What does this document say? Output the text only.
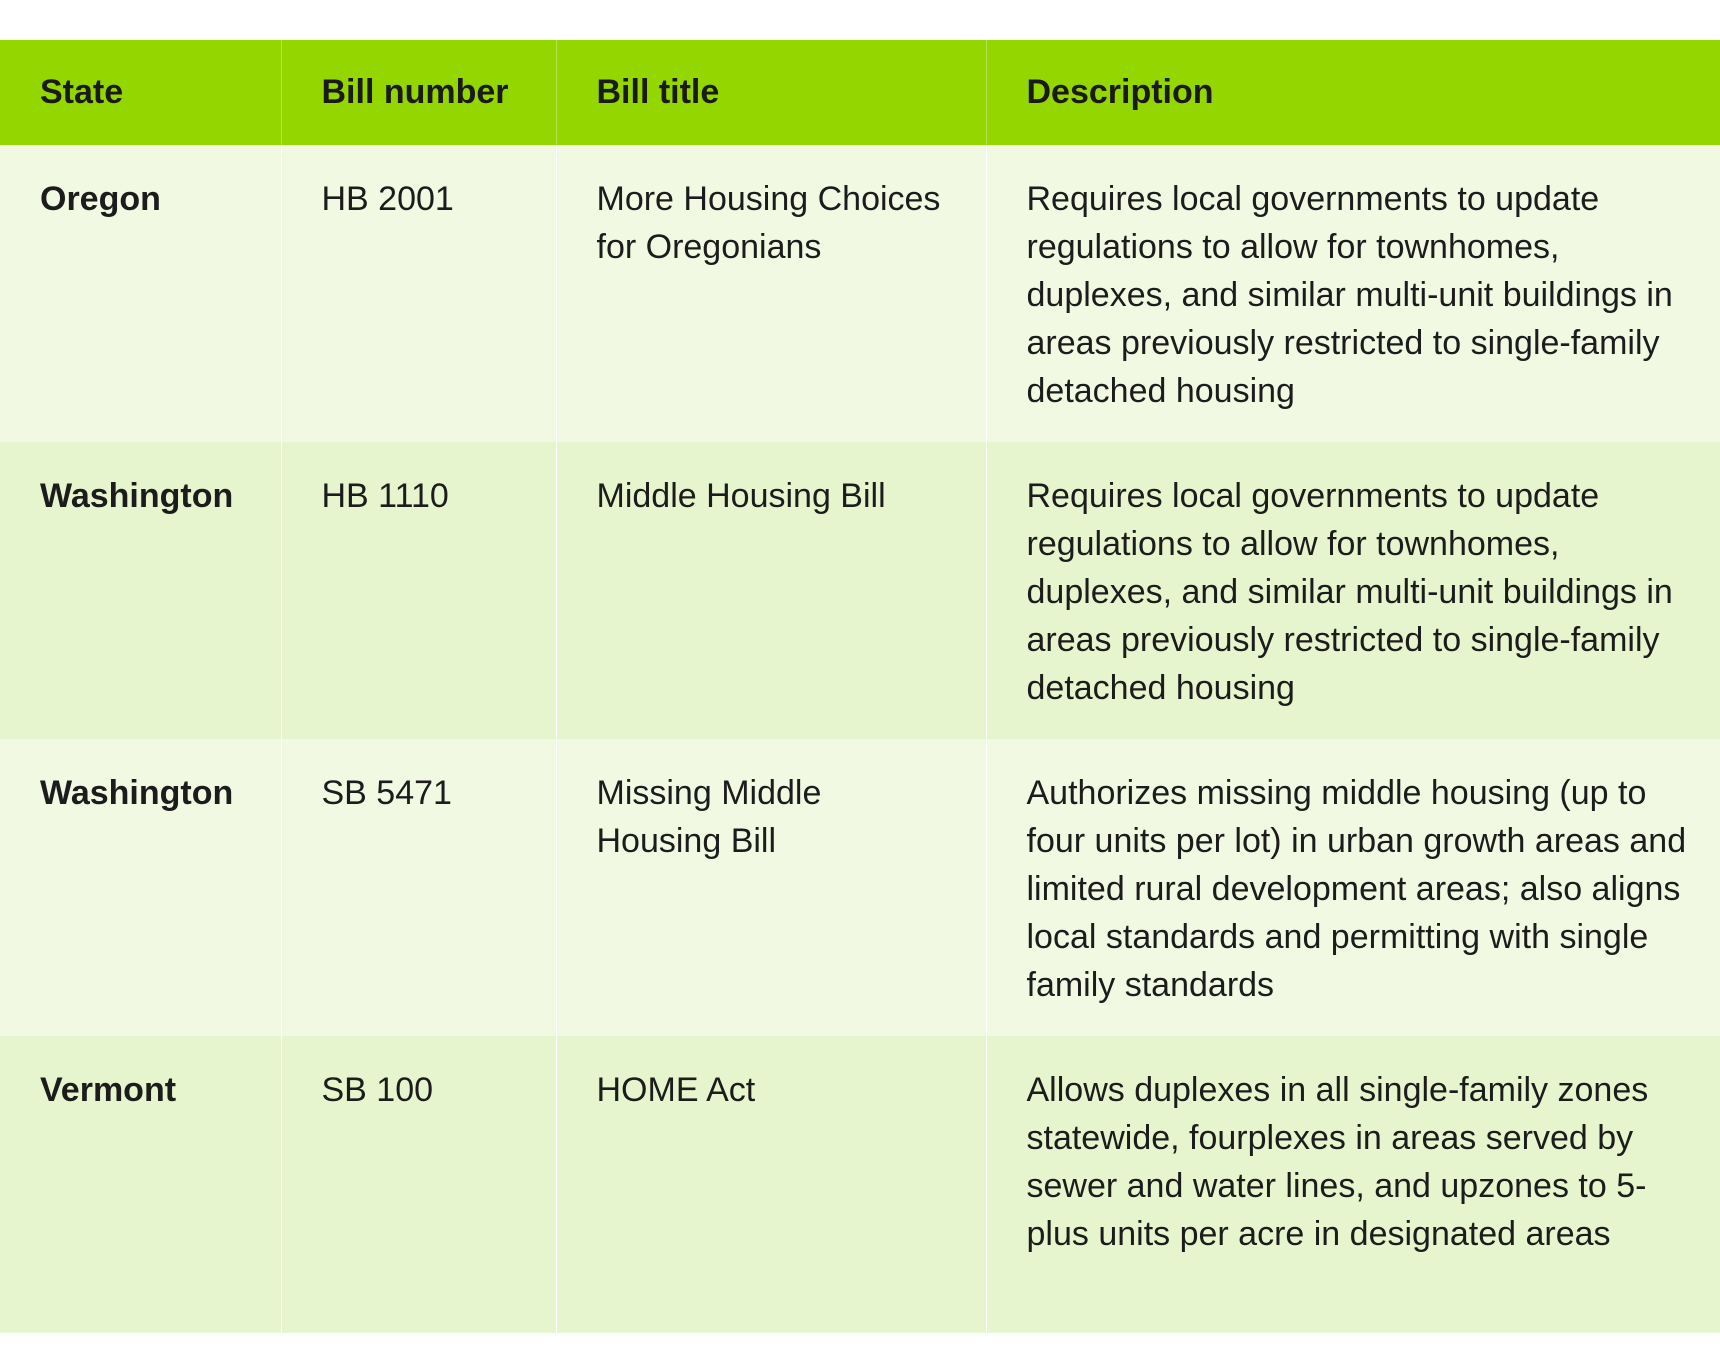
State	Bill number	Bill title	Description
Oregon	HB 2001	More Housing Choices for Oregonians	Requires local governments to update regulations to allow for townhomes, duplexes, and similar multi-unit buildings in areas previously restricted to single-family detached housing
Washington	HB 1110	Middle Housing Bill	Requires local governments to update regulations to allow for townhomes, duplexes, and similar multi-unit buildings in areas previously restricted to single-family detached housing
Washington	SB 5471	Missing Middle Housing Bill	Authorizes missing middle housing (up to four units per lot) in urban growth areas and limited rural development areas; also aligns local standards and permitting with single family standards
Vermont	SB 100	HOME Act	Allows duplexes in all single-family zones statewide, fourplexes in areas served by sewer and water lines, and upzones to 5-plus units per acre in designated areas
